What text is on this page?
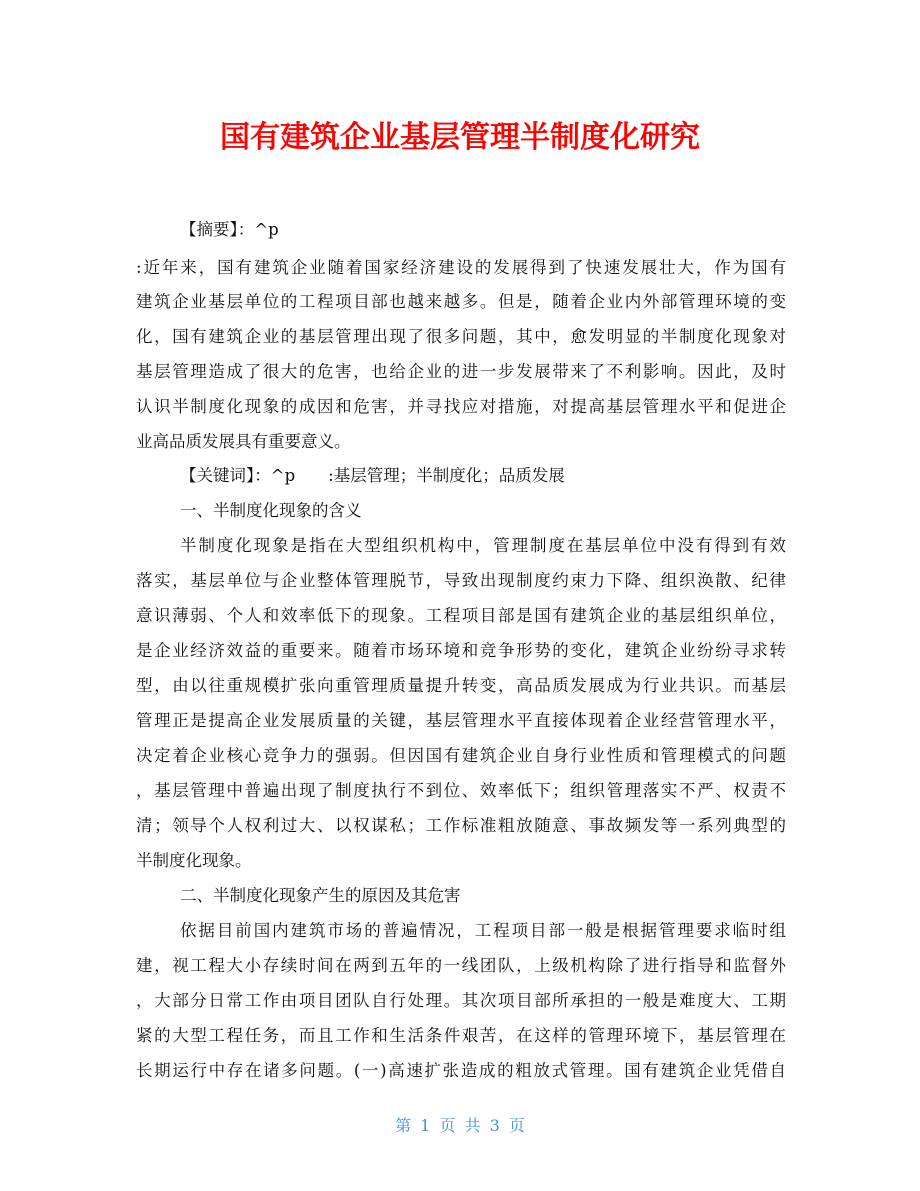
国有建筑企业基层管理半制度化研究
【摘要】：^p
:近年来，国有建筑企业随着国家经济建设的发展得到了快速发展壮大，作为国有
建筑企业基层单位的工程项目部也越来越多。但是，随着企业内外部管理环境的变
化，国有建筑企业的基层管理出现了很多问题，其中，愈发明显的半制度化现象对
基层管理造成了很大的危害，也给企业的进一步发展带来了不利影响。因此，及时
认识半制度化现象的成因和危害，并寻找应对措施，对提高基层管理水平和促进企
业高品质发展具有重要意义。
【关键词】：^p　　:基层管理；半制度化；品质发展
一、半制度化现象的含义
半制度化现象是指在大型组织机构中，管理制度在基层单位中没有得到有效
落实，基层单位与企业整体管理脱节，导致出现制度约束力下降、组织涣散、纪律
意识薄弱、个人和效率低下的现象。工程项目部是国有建筑企业的基层组织单位，
是企业经济效益的重要来。随着市场环境和竞争形势的变化，建筑企业纷纷寻求转
型，由以往重规模扩张向重管理质量提升转变，高品质发展成为行业共识。而基层
管理正是提高企业发展质量的关键，基层管理水平直接体现着企业经营管理水平，
决定着企业核心竞争力的强弱。但因国有建筑企业自身行业性质和管理模式的问题
，基层管理中普遍出现了制度执行不到位、效率低下；组织管理落实不严、权责不
清；领导个人权利过大、以权谋私；工作标准粗放随意、事故频发等一系列典型的
半制度化现象。
二、半制度化现象产生的原因及其危害
依据目前国内建筑市场的普遍情况，工程项目部一般是根据管理要求临时组
建，视工程大小存续时间在两到五年的一线团队，上级机构除了进行指导和监督外
，大部分日常工作由项目团队自行处理。其次项目部所承担的一般是难度大、工期
紧的大型工程任务，而且工作和生活条件艰苦，在这样的管理环境下，基层管理在
长期运行中存在诸多问题。(一)高速扩张造成的粗放式管理。国有建筑企业凭借自
第 1 页 共 3 页
